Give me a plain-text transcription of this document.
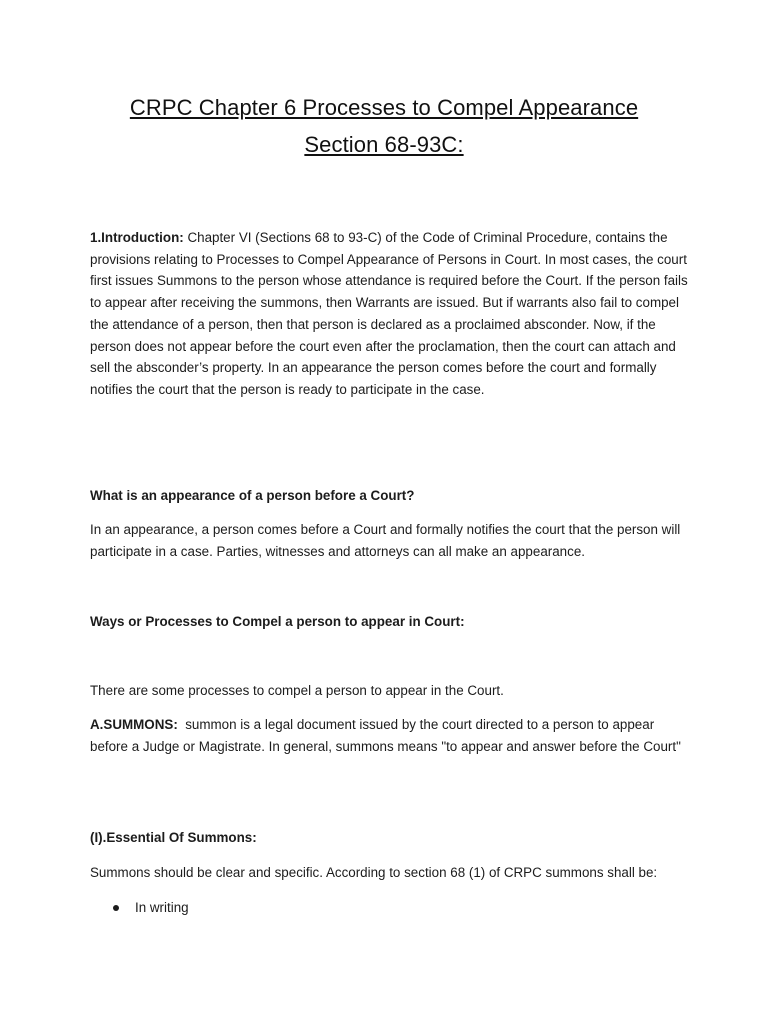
CRPC Chapter 6 Processes to Compel Appearance
Section 68-93C:
1.Introduction: Chapter VI (Sections 68 to 93-C) of the Code of Criminal Procedure, contains the provisions relating to Processes to Compel Appearance of Persons in Court. In most cases, the court first issues Summons to the person whose attendance is required before the Court. If the person fails to appear after receiving the summons, then Warrants are issued. But if warrants also fail to compel the attendance of a person, then that person is declared as a proclaimed absconder. Now, if the person does not appear before the court even after the proclamation, then the court can attach and sell the absconder’s property. In an appearance the person comes before the court and formally notifies the court that the person is ready to participate in the case.
What is an appearance of a person before a Court?
In an appearance, a person comes before a Court and formally notifies the court that the person will participate in a case. Parties, witnesses and attorneys can all make an appearance.
Ways or Processes to Compel a person to appear in Court:
There are some processes to compel a person to appear in the Court.
A.SUMMONS:  summon is a legal document issued by the court directed to a person to appear before a Judge or Magistrate. In general, summons means "to appear and answer before the Court"
(I).Essential Of Summons:
Summons should be clear and specific. According to section 68 (1) of CRPC summons shall be:
In writing
